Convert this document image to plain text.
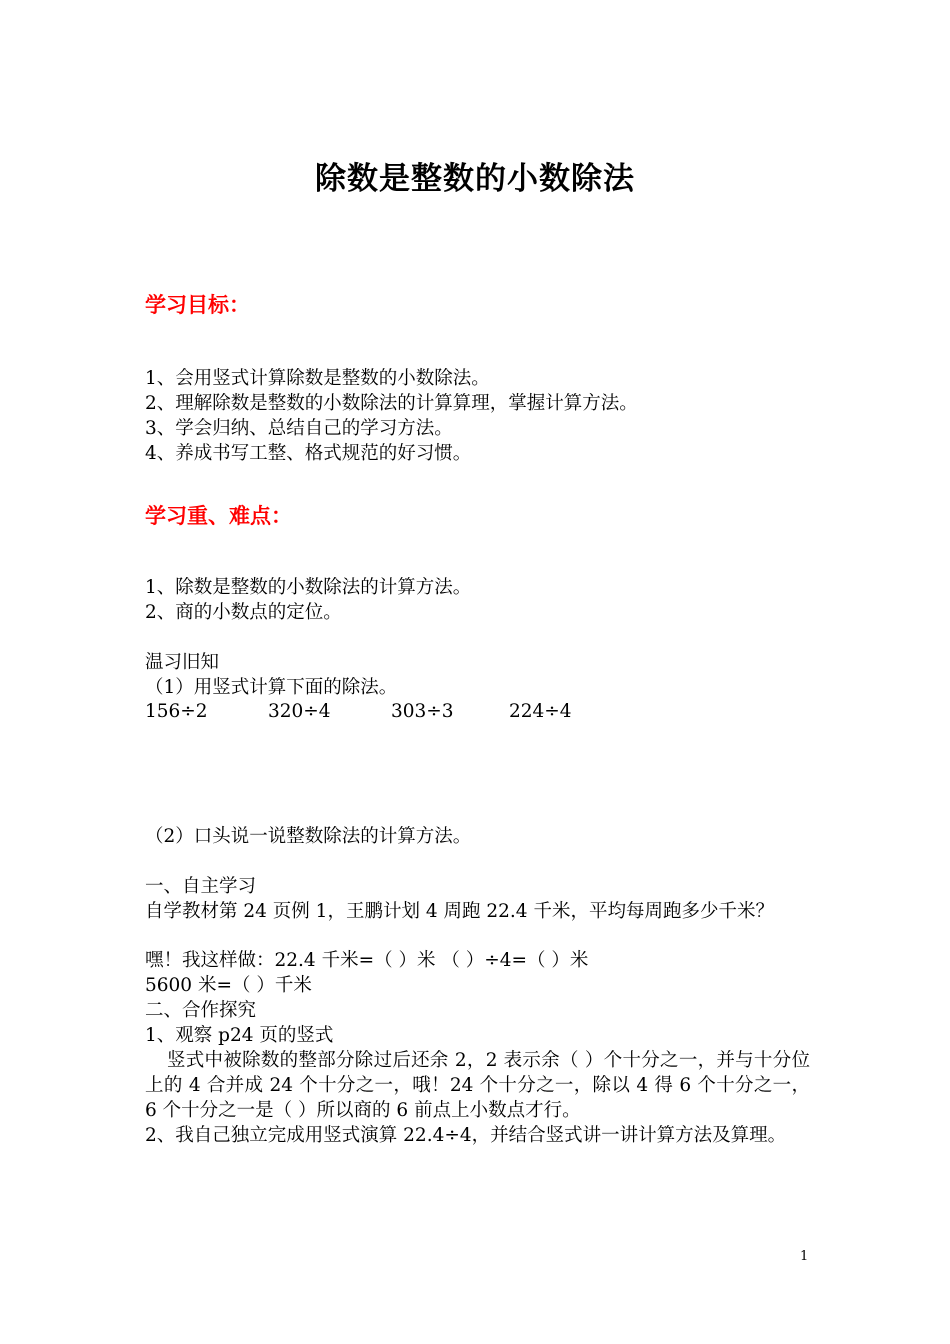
除数是整数的小数除法
学习目标：
1、会用竖式计算除数是整数的小数除法。
2、理解除数是整数的小数除法的计算算理，掌握计算方法。
3、学会归纳、总结自己的学习方法。
4、养成书写工整、格式规范的好习惯。
学习重、难点：
1、除数是整数的小数除法的计算方法。
2、商的小数点的定位。
温习旧知
（1）用竖式计算下面的除法。
156÷2	320÷4	303÷3	224÷4
（2）口头说一说整数除法的计算方法。
一、自主学习
自学教材第 24 页例 1，王鹏计划 4 周跑 22.4 千米，平均每周跑多少千米？
嘿！我这样做：22.4 千米=（ ）米 （ ）÷4=（ ）米
5600 米=（ ）千米
二、合作探究
1、观察 p24 页的竖式
竖式中被除数的整部分除过后还余 2，2 表示余（ ）个十分之一，并与十分位上的 4 合并成 24 个十分之一，哦！24 个十分之一，除以 4 得 6 个十分之一，6 个十分之一是（ ）所以商的 6 前点上小数点才行。
2、我自己独立完成用竖式演算 22.4÷4，并结合竖式讲一讲计算方法及算理。
1
